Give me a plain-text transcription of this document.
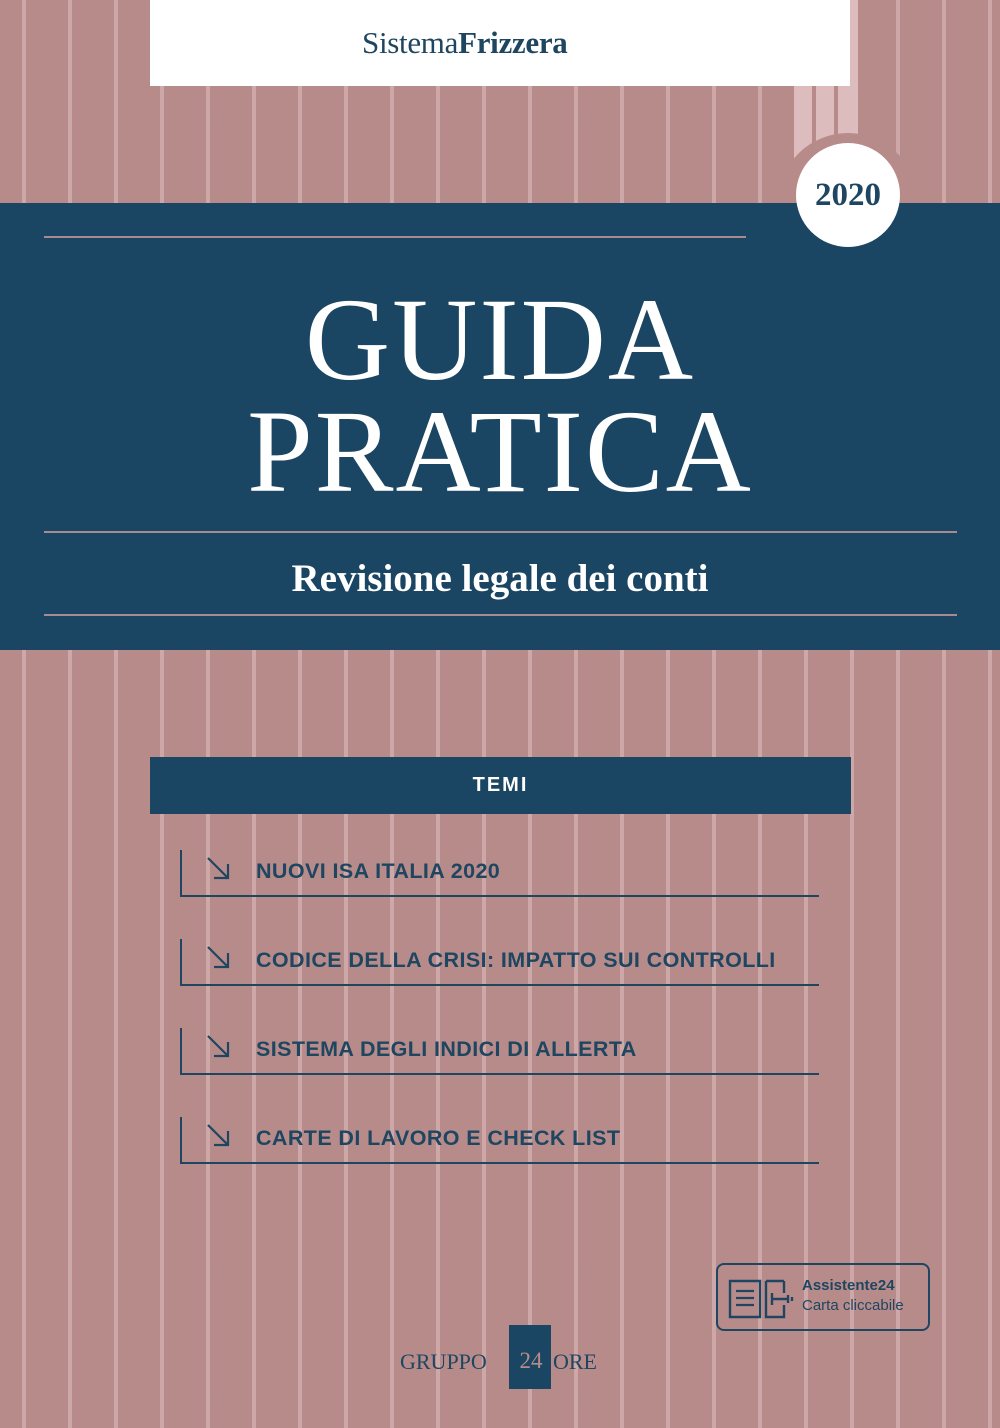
SistemaFrizzera
2020
GUIDA
PRATICA
Revisione legale dei conti
TEMI
NUOVI ISA ITALIA 2020
CODICE DELLA CRISI: IMPATTO SUI CONTROLLI
SISTEMA DEGLI INDICI DI ALLERTA
CARTE DI LAVORO E CHECK LIST
Assistente24
Carta cliccabile
GRUPPO	24 ORE
